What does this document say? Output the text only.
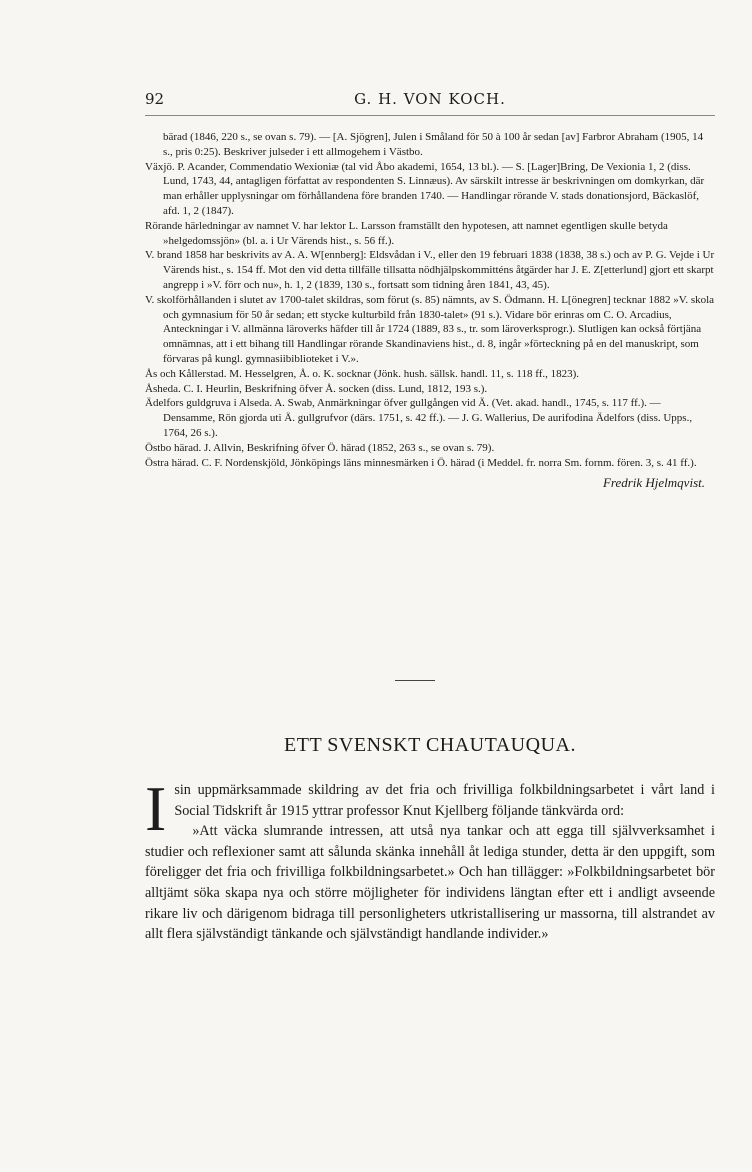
92	G. H. VON KOCH.

bärad (1846, 220 s., se ovan s. 79). — [A. Sjögren], Julen i Småland för 50 à 100 år sedan [av] Farbror Abraham (1905, 14 s., pris 0:25). Beskriver julseder i ett allmogehem i Västbo.

Växjö. P. Acander, Commendatio Wexioniæ (tal vid Åbo akademi, 1654, 13 bl.). — S. [Lager]Bring, De Vexionia 1, 2 (diss. Lund, 1743, 44, antagligen författat av respondenten S. Linnæus). Av särskilt intresse är beskrivningen om domkyrkan, där man erhåller upplysningar om förhållandena före branden 1740. — Handlingar rörande V. stads donationsjord, Bäckaslöf, afd. 1, 2 (1847).

Rörande härledningar av namnet V. har lektor L. Larsson framställt den hypotesen, att namnet egentligen skulle betyda »helgedomssjön» (bl. a. i Ur Värends hist., s. 56 ff.).

V. brand 1858 har beskrivits av A. A. W[ennberg]: Eldsvådan i V., eller den 19 februari 1838 (1838, 38 s.) och av P. G. Vejde i Ur Värends hist., s. 154 ff. Mot den vid detta tillfälle tillsatta nödhjälpskommitténs åtgärder har J. E. Z[etterlund] gjort ett skarpt angrepp i »V. förr och nu», h. 1, 2 (1839, 130 s., fortsatt som tidning åren 1841, 43, 45).

V. skolförhållanden i slutet av 1700-talet skildras, som förut (s. 85) nämnts, av S. Ödmann. H. L[önegren] tecknar 1882 »V. skola och gymnasium för 50 år sedan; ett stycke kulturbild från 1830-talet» (91 s.). Vidare bör erinras om C. O. Arcadius, Anteckningar i V. allmänna läroverks häfder till år 1724 (1889, 83 s., tr. som läroverksprogr.). Slutligen kan också förtjäna omnämnas, att i ett bihang till Handlingar rörande Skandinaviens hist., d. 8, ingår »förteckning på en del manuskript, som förvaras på kungl. gymnasiibiblioteket i V.».

Ås och Kållerstad. M. Hesselgren, Å. o. K. socknar (Jönk. hush. sällsk. handl. 11, s. 118 ff., 1823).

Åsheda. C. I. Heurlin, Beskrifning öfver Å. socken (diss. Lund, 1812, 193 s.).

Ädelfors guldgruva i Alseda. A. Swab, Anmärkningar öfver gullgången vid Ä. (Vet. akad. handl., 1745, s. 117 ff.). — Densamme, Rön gjorda uti Ä. gullgrufvor (därs. 1751, s. 42 ff.). — J. G. Wallerius, De aurifodina Ädelfors (diss. Upps., 1764, 26 s.).

Östbo härad. J. Allvin, Beskrifning öfver Ö. härad (1852, 263 s., se ovan s. 79).

Östra härad. C. F. Nordenskjöld, Jönköpings läns minnesmärken i Ö. härad (i Meddel. fr. norra Sm. fornm. fören. 3, s. 41 ff.).

Fredrik Hjelmqvist.
ETT SVENSKT CHAUTAUQUA.

Isin uppmärksammade skildring av det fria och frivilliga folkbildningsarbetet i vårt land i Social Tidskrift år 1915 yttrar professor Knut Kjellberg följande tänkvärda ord:

»Att väcka slumrande intressen, att utså nya tankar och att egga till självverksamhet i studier och reflexioner samt att sålunda skänka innehåll åt lediga stunder, detta är den uppgift, som föreligger det fria och frivilliga folkbildningsarbetet.» Och han tillägger: »Folkbildningsarbetet bör alltjämt söka skapa nya och större möjligheter för individens längtan efter ett i andligt avseende rikare liv och därigenom bidraga till personligheters utkristallisering ur massorna, till alstrandet av allt flera självständigt tänkande och självständigt handlande individer.»
